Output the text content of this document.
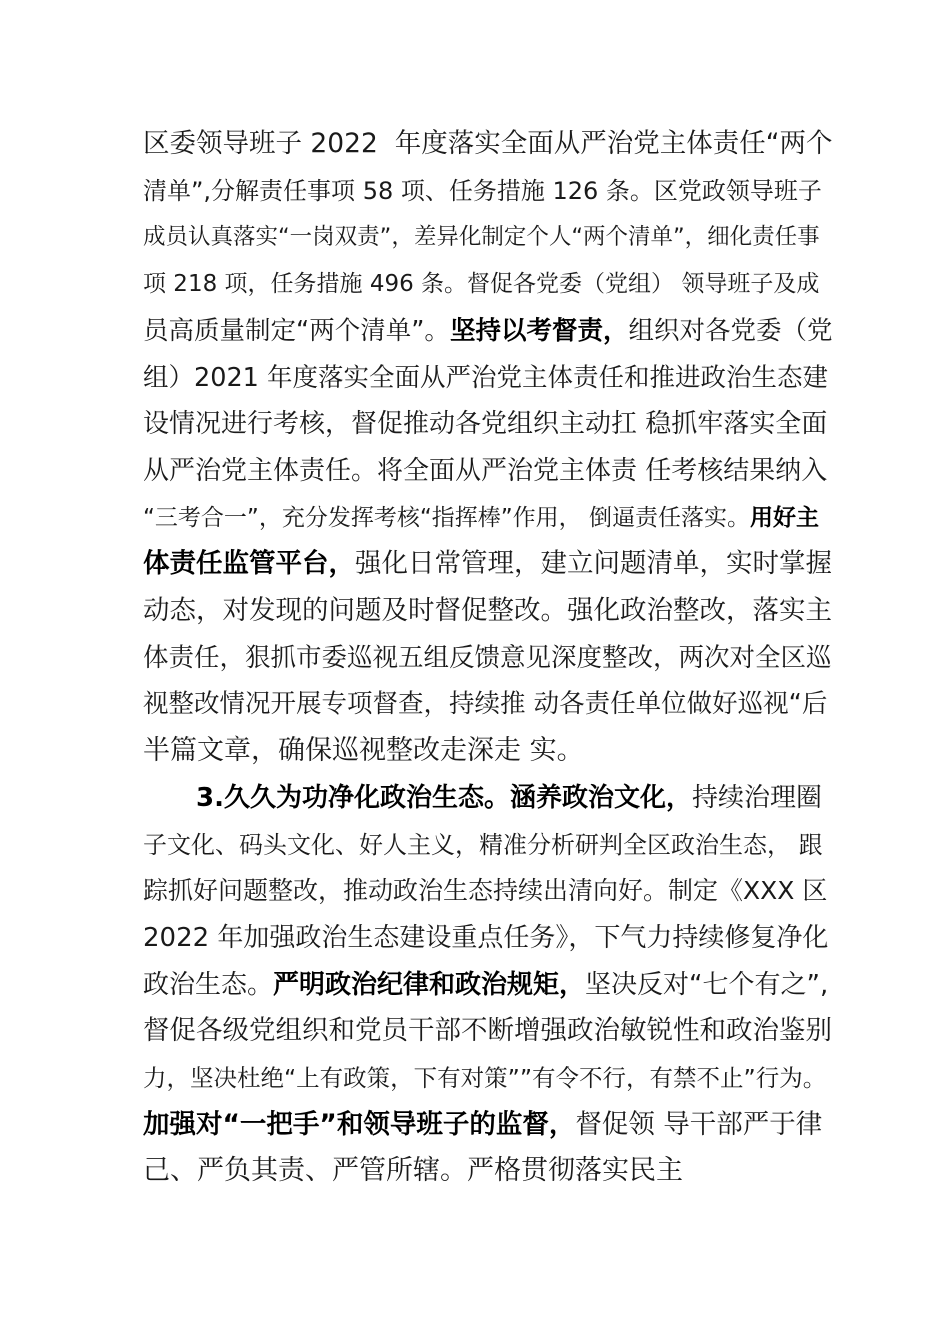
区委领导班子 2022  年度落实全面从严治党主体责任“两个
清单”,分解责任事项 58 项、任务措施 126 条。区党政领导班子
成员认真落实“一岗双责”，差异化制定个人“两个清单”，细化责任事
项 218 项，任务措施 496 条。督促各党委（党组） 领导班子及成
员高质量制定“两个清单”。坚持以考督责，组织对各党委（党
组）2021 年度落实全面从严治党主体责任和推进政治生态建
设情况进行考核，督促推动各党组织主动扛 稳抓牢落实全面
从严治党主体责任。将全面从严治党主体责 任考核结果纳入
“三考合一”，充分发挥考核“指挥棒”作用， 倒逼责任落实。用好主
体责任监管平台，强化日常管理，建立问题清单，实时掌握
动态，对发现的问题及时督促整改。强化政治整改，落实主
体责任，狠抓市委巡视五组反馈意见深度整改，两次对全区巡
视整改情况开展专项督查，持续推 动各责任单位做好巡视“后
半篇文章，确保巡视整改走深走 实。
3.久久为功净化政治生态。涵养政治文化，持续治理圈
子文化、码头文化、好人主义，精准分析研判全区政治生态， 跟
踪抓好问题整改，推动政治生态持续出清向好。制定《XXX 区
2022 年加强政治生态建设重点任务》，下气力持续修复净化
政治生态。严明政治纪律和政治规矩，坚决反对“七个有之”,
督促各级党组织和党员干部不断增强政治敏锐性和政治鉴别
力，坚决杜绝“上有政策，下有对策””有令不行，有禁不止”行为。
加强对“一把手”和领导班子的监督，督促领 导干部严于律
己、严负其责、严管所辖。严格贯彻落实民主
